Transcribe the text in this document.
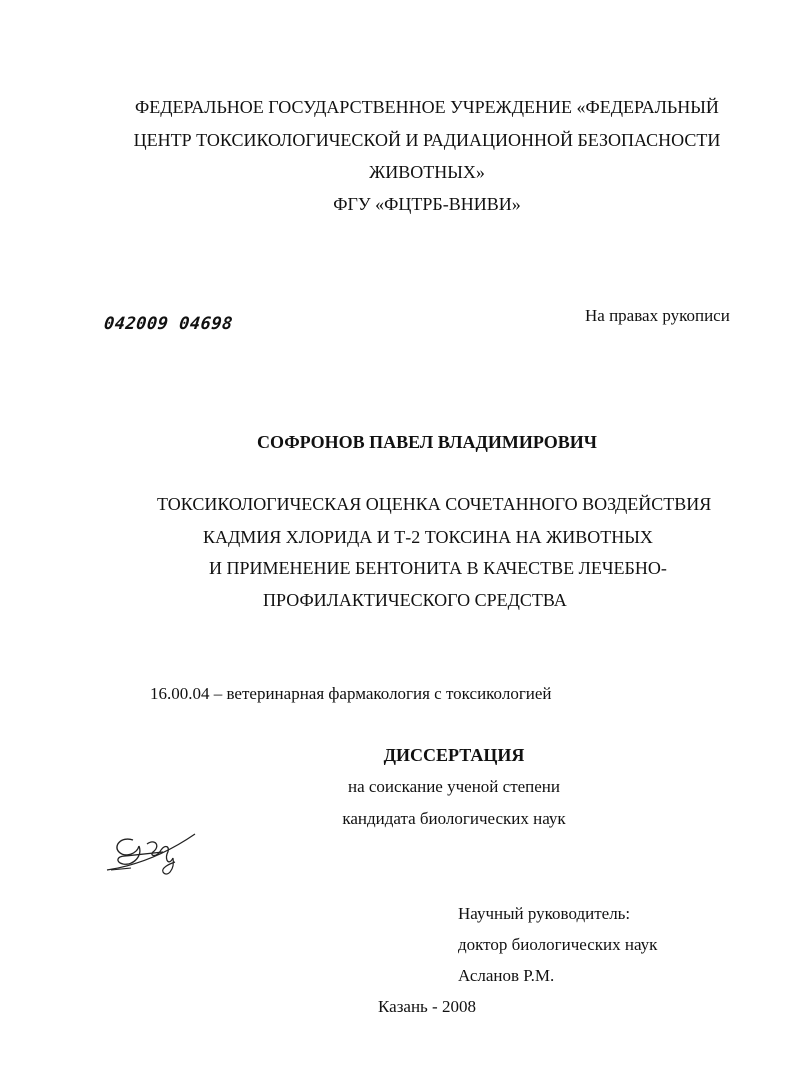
ФЕДЕРАЛЬНОЕ ГОСУДАРСТВЕННОЕ УЧРЕЖДЕНИЕ «ФЕДЕРАЛЬНЫЙ
ЦЕНТР ТОКСИКОЛОГИЧЕСКОЙ И РАДИАЦИОННОЙ БЕЗОПАСНОСТИ
ЖИВОТНЫХ»
ФГУ «ФЦТРБ-ВНИВИ»
042009 04698	На правах рукописи
СОФРОНОВ ПАВЕЛ ВЛАДИМИРОВИЧ
ТОКСИКОЛОГИЧЕСКАЯ ОЦЕНКА СОЧЕТАННОГО ВОЗДЕЙСТВИЯ
КАДМИЯ ХЛОРИДА И Т-2 ТОКСИНА НА ЖИВОТНЫХ
И ПРИМЕНЕНИЕ БЕНТОНИТА В КАЧЕСТВЕ ЛЕЧЕБНО-
ПРОФИЛАКТИЧЕСКОГО СРЕДСТВА
16.00.04 – ветеринарная фармакология с токсикологией
ДИССЕРТАЦИЯ
на соискание ученой степени
кандидата биологических наук
Научный руководитель:
доктор биологических наук
Асланов Р.М.
Казань - 2008
